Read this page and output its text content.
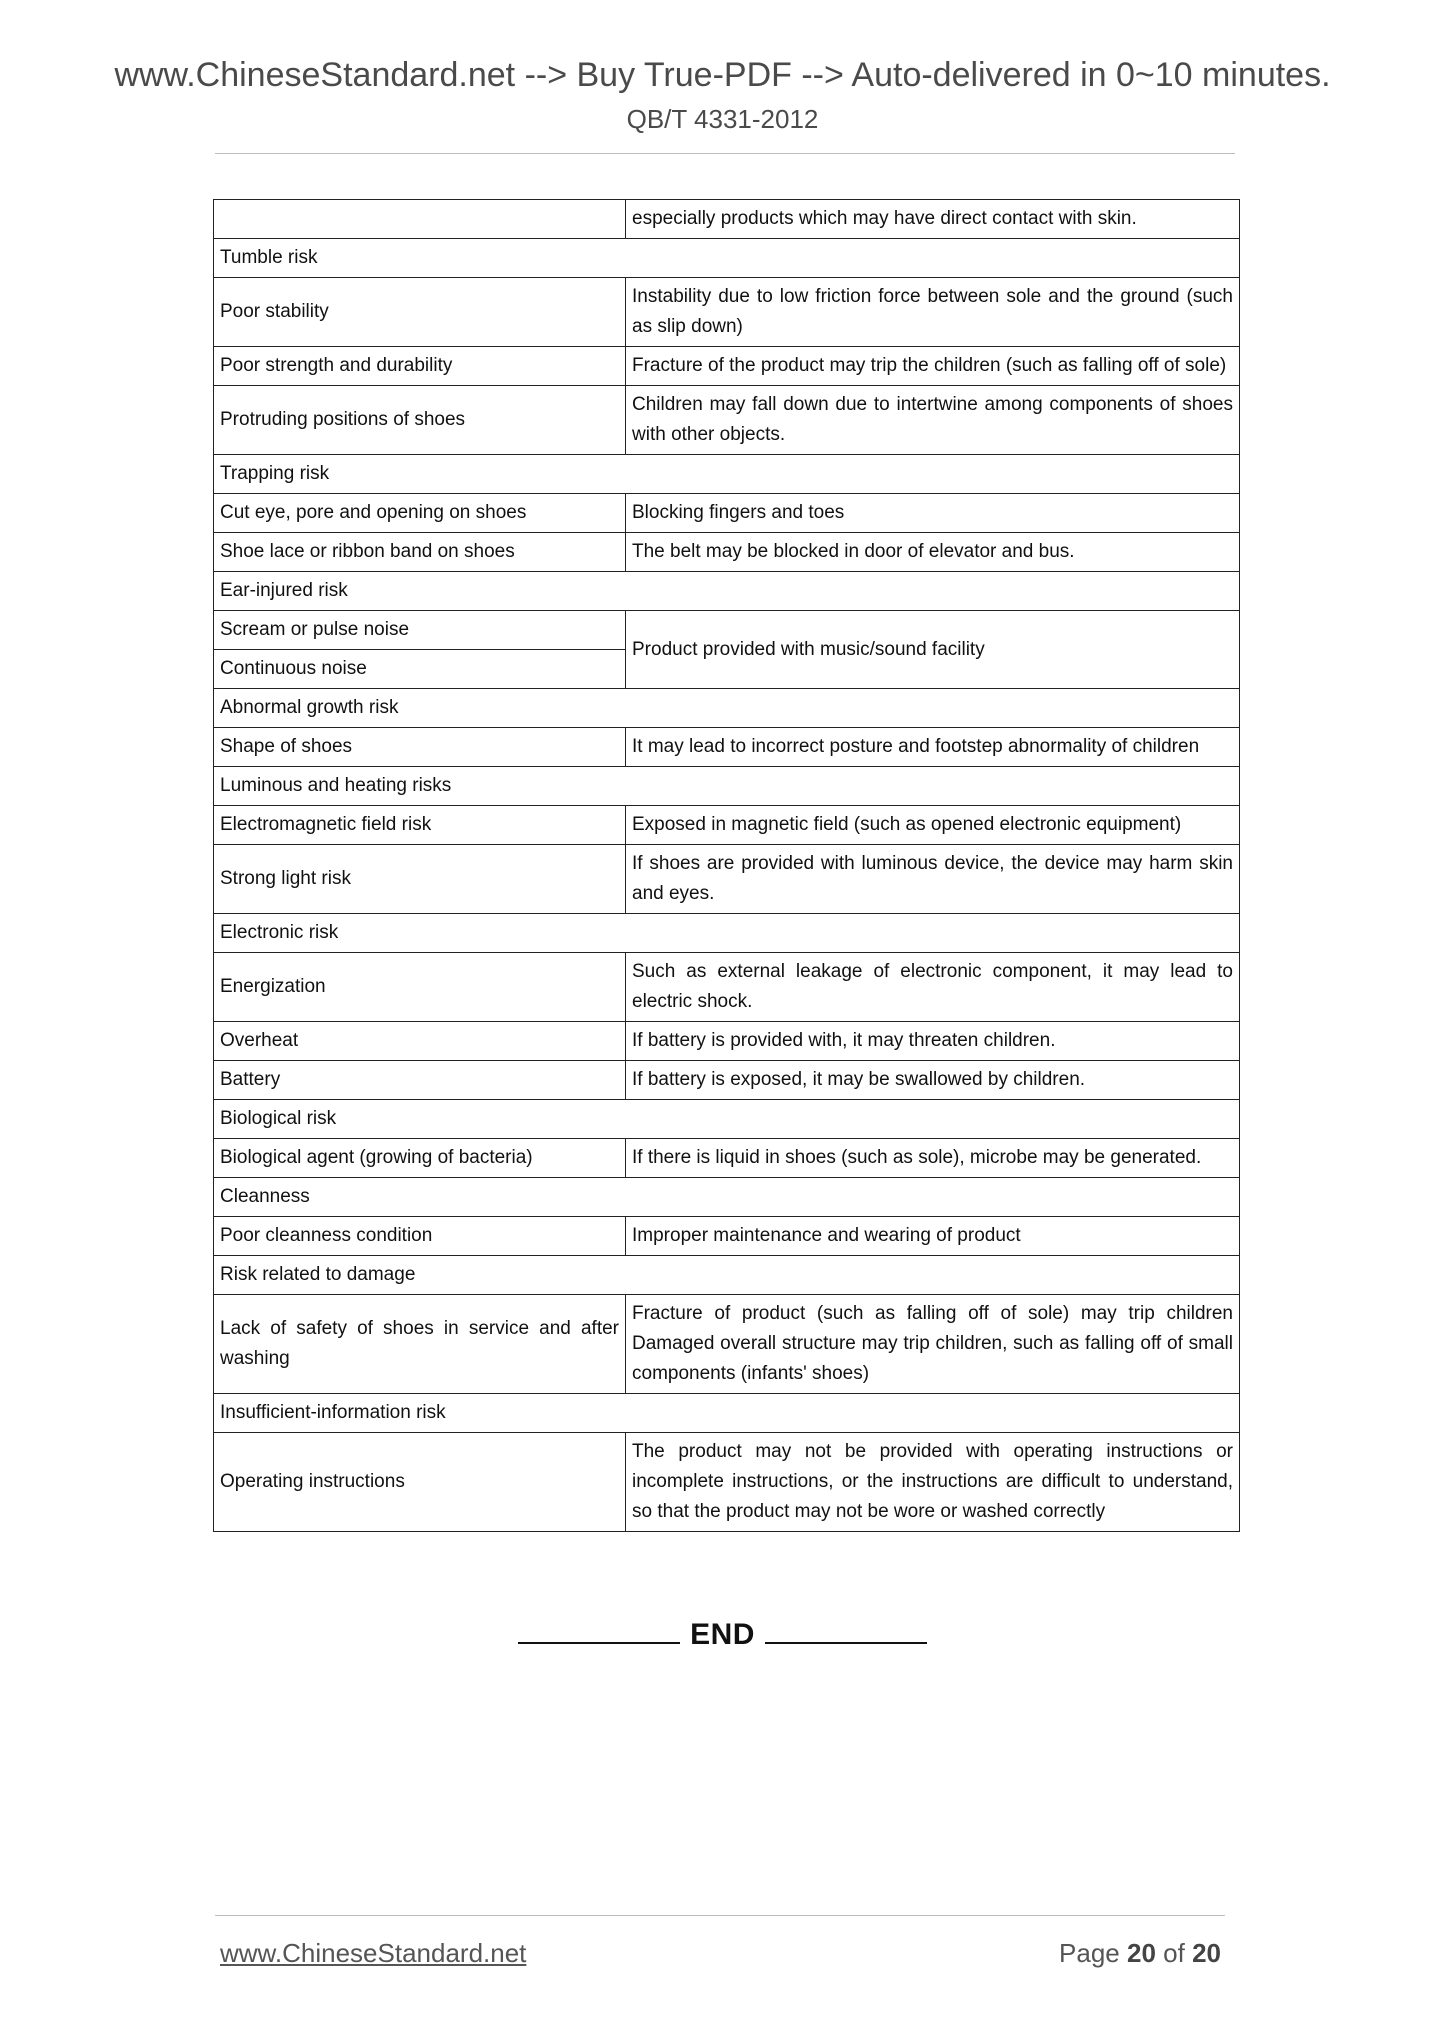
www.ChineseStandard.net --> Buy True-PDF --> Auto-delivered in 0~10 minutes.
QB/T 4331-2012
	especially products which may have direct contact with skin.
Tumble risk	
Poor stability	Instability due to low friction force between sole and the ground (such as slip down)
Poor strength and durability	Fracture of the product may trip the children (such as falling off of sole)
Protruding positions of shoes	Children may fall down due to intertwine among components of shoes with other objects.
Trapping risk	
Cut eye, pore and opening on shoes	Blocking fingers and toes
Shoe lace or ribbon band on shoes	The belt may be blocked in door of elevator and bus.
Ear-injured risk	
Scream or pulse noise	Product provided with music/sound facility
Continuous noise	
Abnormal growth risk	
Shape of shoes	It may lead to incorrect posture and footstep abnormality of children
Luminous and heating risks	
Electromagnetic field risk	Exposed in magnetic field (such as opened electronic equipment)
Strong light risk	If shoes are provided with luminous device, the device may harm skin and eyes.
Electronic risk	
Energization	Such as external leakage of electronic component, it may lead to electric shock.
Overheat	If battery is provided with, it may threaten children.
Battery	If battery is exposed, it may be swallowed by children.
Biological risk	
Biological agent (growing of bacteria)	If there is liquid in shoes (such as sole), microbe may be generated.
Cleanness	
Poor cleanness condition	Improper maintenance and wearing of product
Risk related to damage	
Lack of safety of shoes in service and after washing	Fracture of product (such as falling off of sole) may trip children Damaged overall structure may trip children, such as falling off of small components (infants' shoes)
Insufficient-information risk	
Operating instructions	The product may not be provided with operating instructions or incomplete instructions, or the instructions are difficult to understand, so that the product may not be wore or washed correctly
END
www.ChineseStandard.net	Page 20 of 20
